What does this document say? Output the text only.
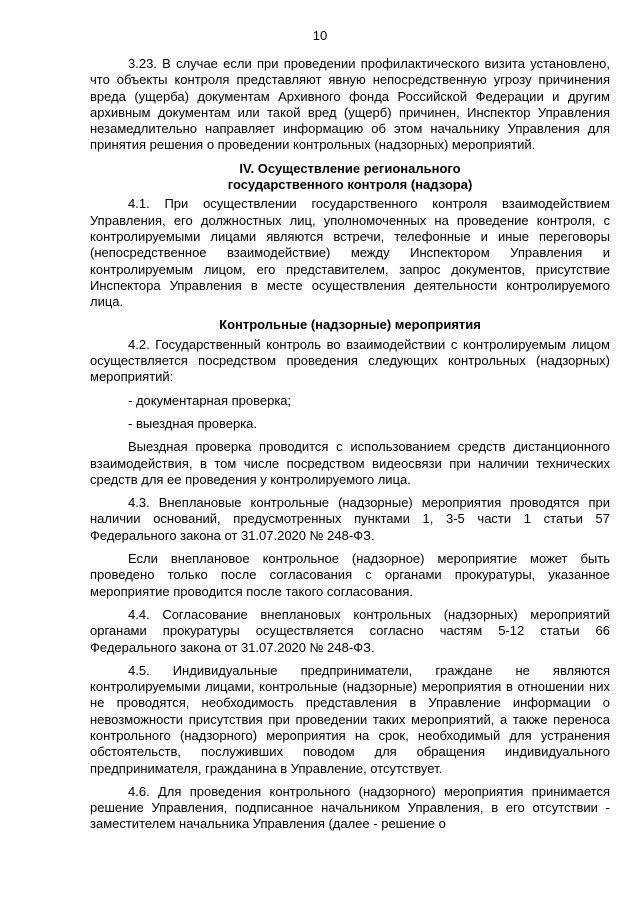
10

3.23. В случае если при проведении профилактического визита установлено, что объекты контроля представляют явную непосредственную угрозу причинения вреда (ущерба) документам Архивного фонда Российской Федерации и другим архивным документам или такой вред (ущерб) причинен, Инспектор Управления незамедлительно направляет информацию об этом начальнику Управления для принятия решения о проведении контрольных (надзорных) мероприятий.

IV. Осуществление регионального
государственного контроля (надзора)

4.1. При осуществлении государственного контроля взаимодействием Управления, его должностных лиц, уполномоченных на проведение контроля, с контролируемыми лицами являются встречи, телефонные и иные переговоры (непосредственное взаимодействие) между Инспектором Управления и контролируемым лицом, его представителем, запрос документов, присутствие Инспектора Управления в месте осуществления деятельности контролируемого лица.

Контрольные (надзорные) мероприятия

4.2. Государственный контроль во взаимодействии с контролируемым лицом осуществляется посредством проведения следующих контрольных (надзорных) мероприятий:

- документарная проверка;

- выездная проверка.

Выездная проверка проводится с использованием средств дистанционного взаимодействия, в том числе посредством видеосвязи при наличии технических средств для ее проведения у контролируемого лица.

4.3. Внеплановые контрольные (надзорные) мероприятия проводятся при наличии оснований, предусмотренных пунктами 1, 3-5 части 1 статьи 57 Федерального закона от 31.07.2020 № 248-ФЗ.

Если внеплановое контрольное (надзорное) мероприятие может быть проведено только после согласования с органами прокуратуры, указанное мероприятие проводится после такого согласования.

4.4. Согласование внеплановых контрольных (надзорных) мероприятий органами прокуратуры осуществляется согласно частям 5-12 статьи 66 Федерального закона от 31.07.2020 № 248-ФЗ.

4.5. Индивидуальные предприниматели, граждане не являются контролируемыми лицами, контрольные (надзорные) мероприятия в отношении них не проводятся, необходимость представления в Управление информации о невозможности присутствия при проведении таких мероприятий, а также переноса контрольного (надзорного) мероприятия на срок, необходимый для устранения обстоятельств, послуживших поводом для обращения индивидуального предпринимателя, гражданина в Управление, отсутствует.

4.6. Для проведения контрольного (надзорного) мероприятия принимается решение Управления, подписанное начальником Управления, в его отсутствии - заместителем начальника Управления (далее - решение о
